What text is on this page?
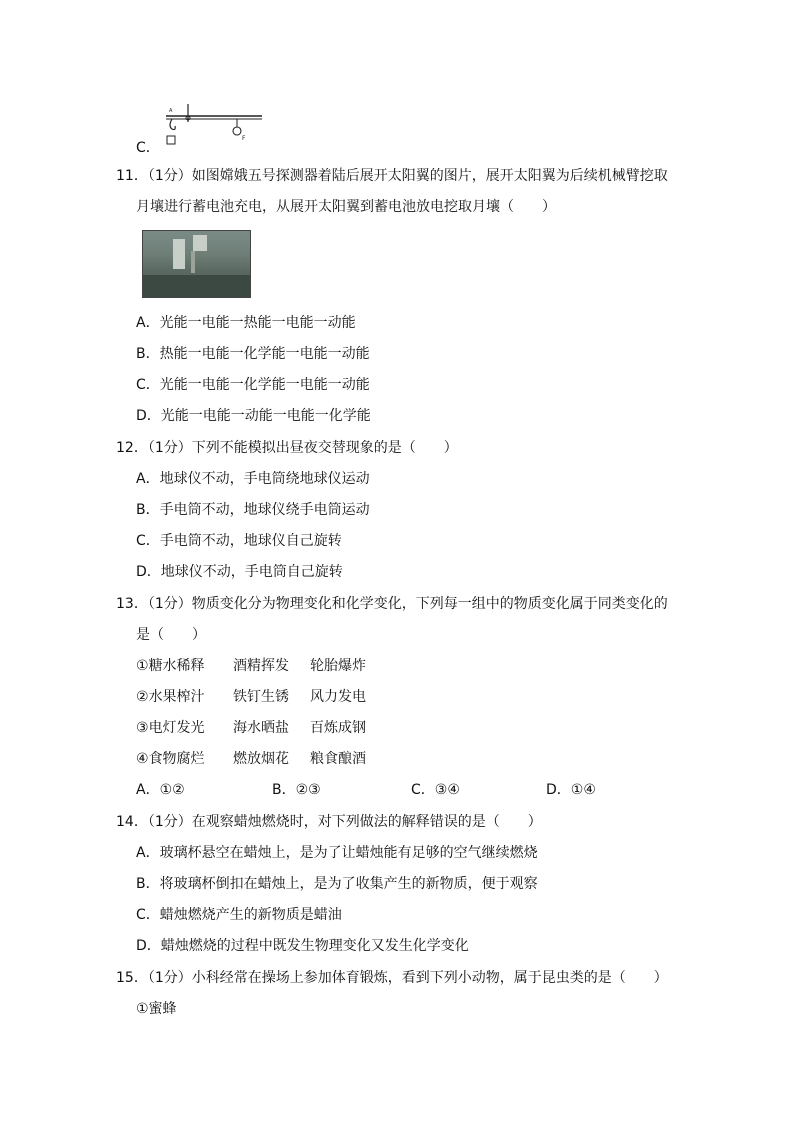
F
A
C．
11．（1分）如图嫦娥五号探测器着陆后展开太阳翼的图片，展开太阳翼为后续机械臂挖取
月壤进行蓄电池充电，从展开太阳翼到蓄电池放电挖取月壤（　　）
A．光能一电能一热能一电能一动能
B．热能一电能一化学能一电能一动能
C．光能一电能一化学能一电能一动能
D．光能一电能一动能一电能一化学能
12．（1分）下列不能模拟出昼夜交替现象的是（　　）
A．地球仪不动，手电筒绕地球仪运动
B．手电筒不动，地球仪绕手电筒运动
C．手电筒不动，地球仪自己旋转
D．地球仪不动，手电筒自己旋转
13．（1分）物质变化分为物理变化和化学变化，下列每一组中的物质变化属于同类变化的
是（　　）
①糖水稀释 酒精挥发 轮胎爆炸
②水果榨汁 铁钉生锈 风力发电
③电灯发光 海水晒盐 百炼成钢
④食物腐烂 燃放烟花 粮食酿酒
A．①②	B．②③	C．③④	D．①④
14．（1分）在观察蜡烛燃烧时，对下列做法的解释错误的是（　　）
A．玻璃杯悬空在蜡烛上，是为了让蜡烛能有足够的空气继续燃烧
B．将玻璃杯倒扣在蜡烛上，是为了收集产生的新物质，便于观察
C．蜡烛燃烧产生的新物质是蜡油
D．蜡烛燃烧的过程中既发生物理变化又发生化学变化
15．（1分）小科经常在操场上参加体育锻炼，看到下列小动物，属于昆虫类的是（　　）
①蜜蜂
